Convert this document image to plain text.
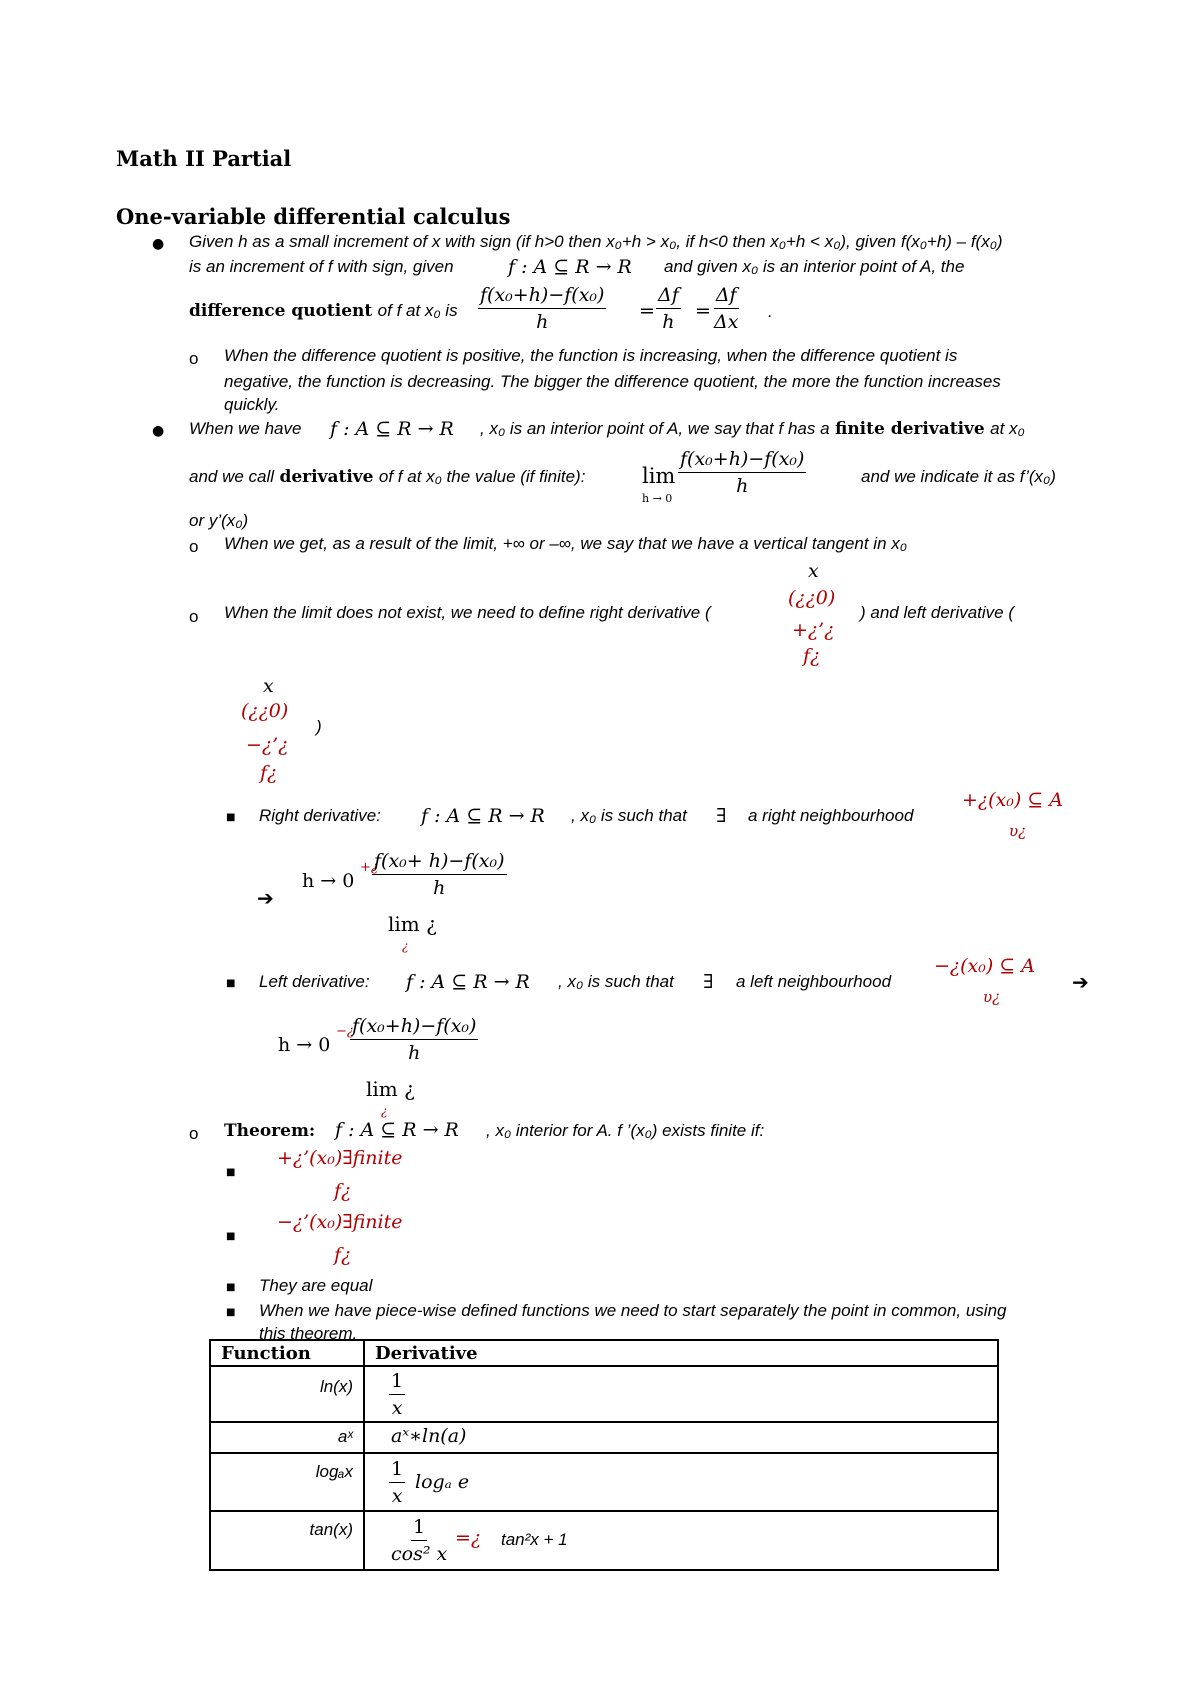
Math II Partial
One-variable differential calculus
● Given h as a small increment of x with sign (if h>0 then x₀+h > x₀, if h<0 then x₀+h < x₀), given f(x₀+h) – f(x₀)
is an increment of f with sign, given	f : A ⊆ R → R and given x₀ is an interior point of A, the
difference quotient of f at x₀ is $\frac{\text{f(x₀+h)−f(x₀)}}{h} = \frac{\Delta f}{h} = \frac{\Delta f}{\Delta x}$ .
o When the difference quotient is positive, the function is increasing, when the difference quotient is
negative, the function is decreasing. The bigger the difference quotient, the more the function increases
quickly.
● When we have f : A ⊆ R → R , x₀ is an interior point of A, we say that f has a finite derivative at x₀
and we call derivative of f at x₀ the value (if finite):	lim
$h \to 0 \frac{\text{f(x₀+h)−f(x₀)}}{h}$	and we indicate it as f’(x₀)
or y’(x₀)
o When we get, as a result of the limit, +∞ or –∞, we say that we have a vertical tangent in x₀
o When the limit does not exist, we need to define right derivative (
x
(¿¿0)
+¿’¿
f¿
) and left derivative (
x
(¿¿0)
−¿’¿
f¿
)
■ Right derivative: f : A ⊆ R → R , x₀ is such that ∃ a right neighbourhood
+¿(x₀) ⊆ A
υ¿
➔
h → 0
+¿
$\frac{\text{f(x₀+ h)−f(x₀)}}{h}$
lim ¿
¿
■ Left derivative: f : A ⊆ R → R , x₀ is such that ∃ a left neighbourhood
−¿(x₀) ⊆ A
υ¿
➔
h → 0
−¿
$\frac{\text{f(x₀+h)−f(x₀)}}{h}$
lim ¿
¿
o Theorem: f : A ⊆ R → R , x₀ interior for A. f ’(x₀) exists finite if:
■
+¿’(x₀)∃finite
f¿
■
−¿’(x₀)∃finite
f¿
■ They are equal
■ When we have piece-wise defined functions we need to start separately the point in common, using
this theorem.
Function	Derivative
ln(x)	$\frac{1}{x}$

aˣ	aˣ∗ln(a)
logₐx	$\frac{1}{x}$ logₐ e

tan(x)	$\frac{1}{\text{cos² x}}$ =¿ tan²x + 1
